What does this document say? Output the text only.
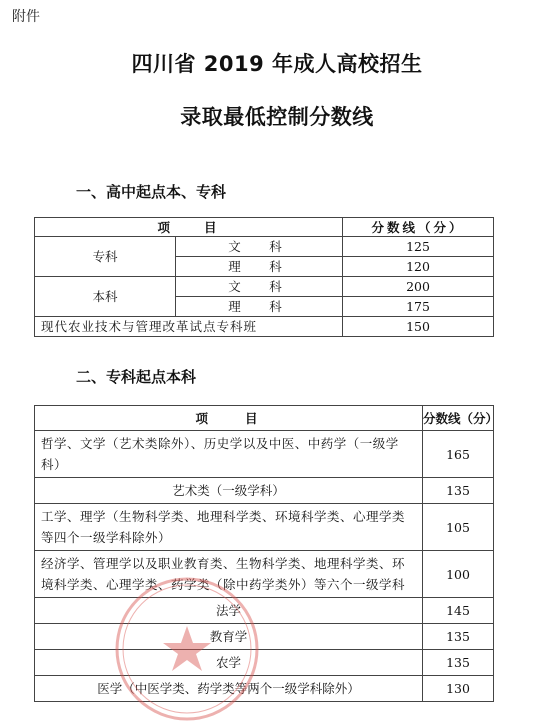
附件
四川省 2019 年成人高校招生
录取最低控制分数线
一、高中起点本、专科
项　　目		分数线（分）
专科	文　科	125
	理　科	120
本科	文　科	200
	理　科	175
现代农业技术与管理改革试点专科班		150
二、专科起点本科
项　　目	分数线（分）
哲学、文学（艺术类除外）、历史学以及中医、中药学（一级学科）	165
艺术类（一级学科）	135
工学、理学（生物科学类、地理科学类、环境科学类、心理学类等四个一级学科除外）	105
经济学、管理学以及职业教育类、生物科学类、地理科学类、环境科学类、心理学类、药学类（除中药学类外）等六个一级学科	100
法学	145
教育学	135
农学	135
医学（中医学类、药学类等两个一级学科除外）	130
